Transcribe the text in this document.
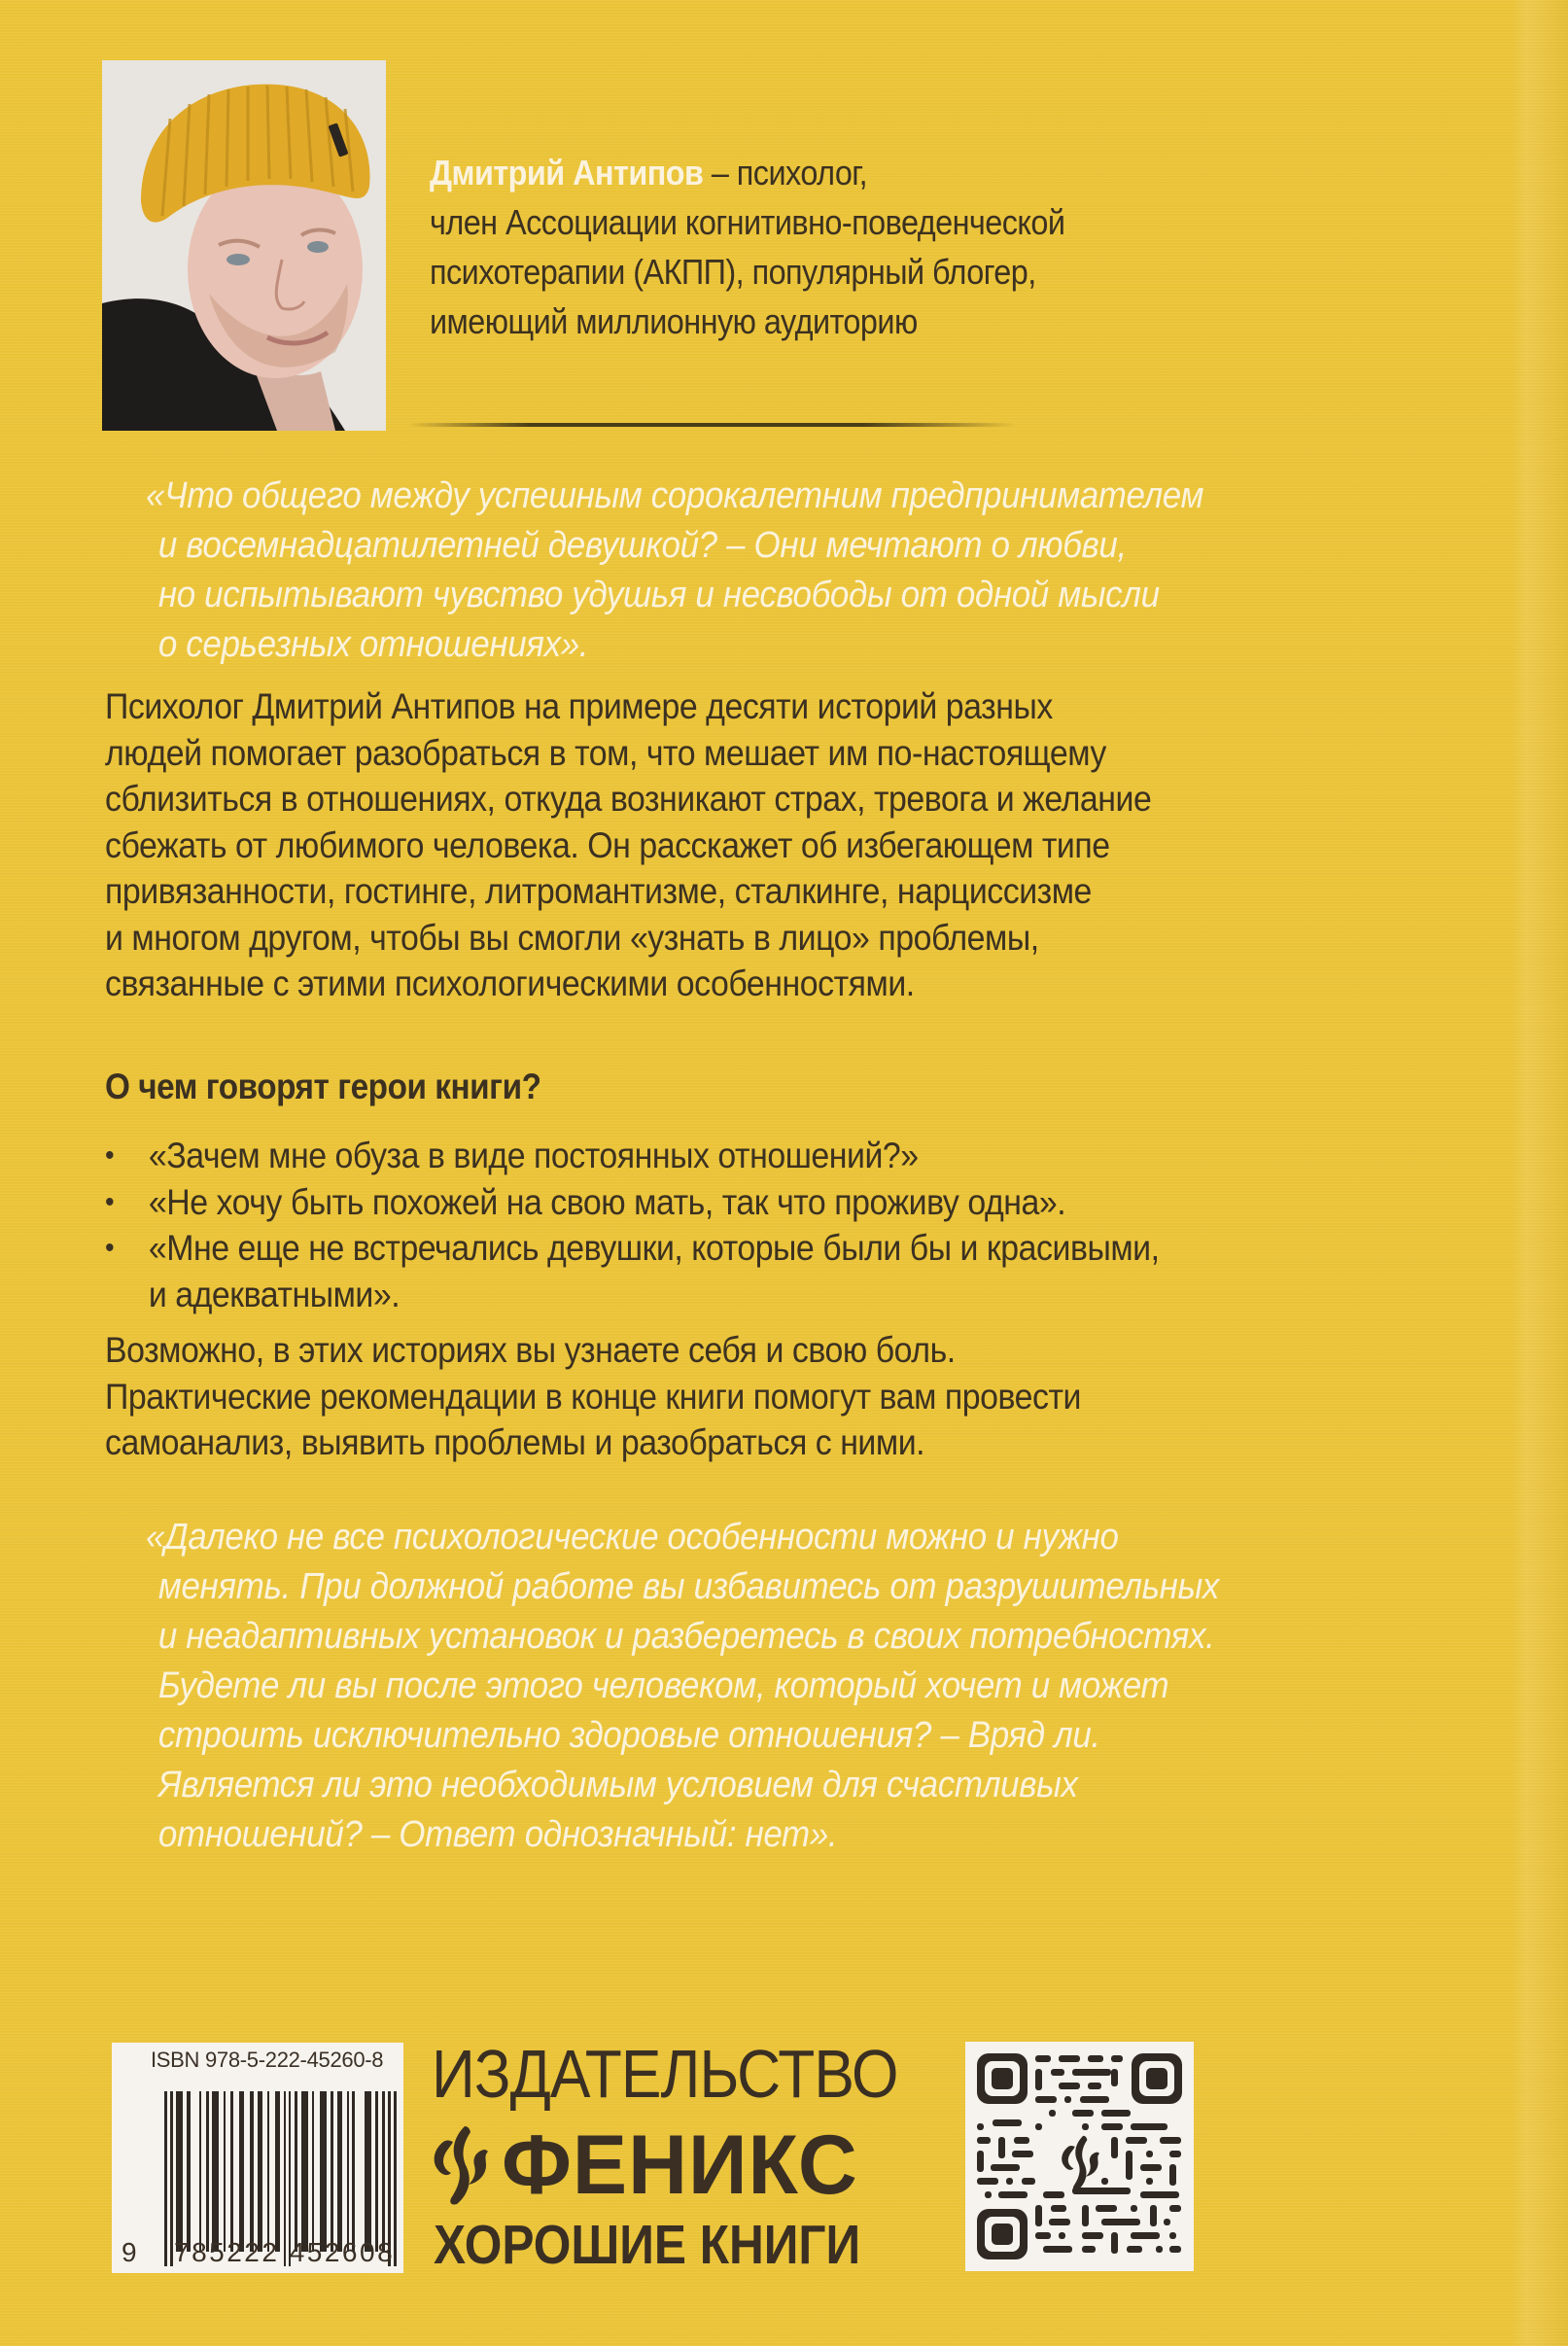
Дмитрий Антипов – психолог,
член Ассоциации когнитивно-поведенческой
психотерапии (АКПП), популярный блогер,
имеющий миллионную аудиторию
«Что общего между успешным сорокалетним предпринимателем
и восемнадцатилетней девушкой? – Они мечтают о любви,
но испытывают чувство удушья и несвободы от одной мысли
о серьезных отношениях».
Психолог Дмитрий Антипов на примере десяти историй разных
людей помогает разобраться в том, что мешает им по-настоящему
сблизиться в отношениях, откуда возникают страх, тревога и желание
сбежать от любимого человека. Он расскажет об избегающем типе
привязанности, гостинге, литромантизме, сталкинге, нарциссизме
и многом другом, чтобы вы смогли «узнать в лицо» проблемы,
связанные с этими психологическими особенностями.
О чем говорят герои книги?
• «Зачем мне обуза в виде постоянных отношений?»
• «Не хочу быть похожей на свою мать, так что проживу одна».
• «Мне еще не встречались девушки, которые были бы и красивыми,
и адекватными».
Возможно, в этих историях вы узнаете себя и свою боль.
Практические рекомендации в конце книги помогут вам провести
самоанализ, выявить проблемы и разобраться с ними.
«Далеко не все психологические особенности можно и нужно
менять. При должной работе вы избавитесь от разрушительных
и неадаптивных установок и разберетесь в своих потребностях.
Будете ли вы после этого человеком, который хочет и может
строить исключительно здоровые отношения? – Вряд ли.
Является ли это необходимым условием для счастливых
отношений? – Ответ однозначный: нет».
ISBN 978-5-222-45260-8
9 785222 452608
ИЗДАТЕЛЬСТВО
ФЕНИКС
ХОРОШИЕ КНИГИ
